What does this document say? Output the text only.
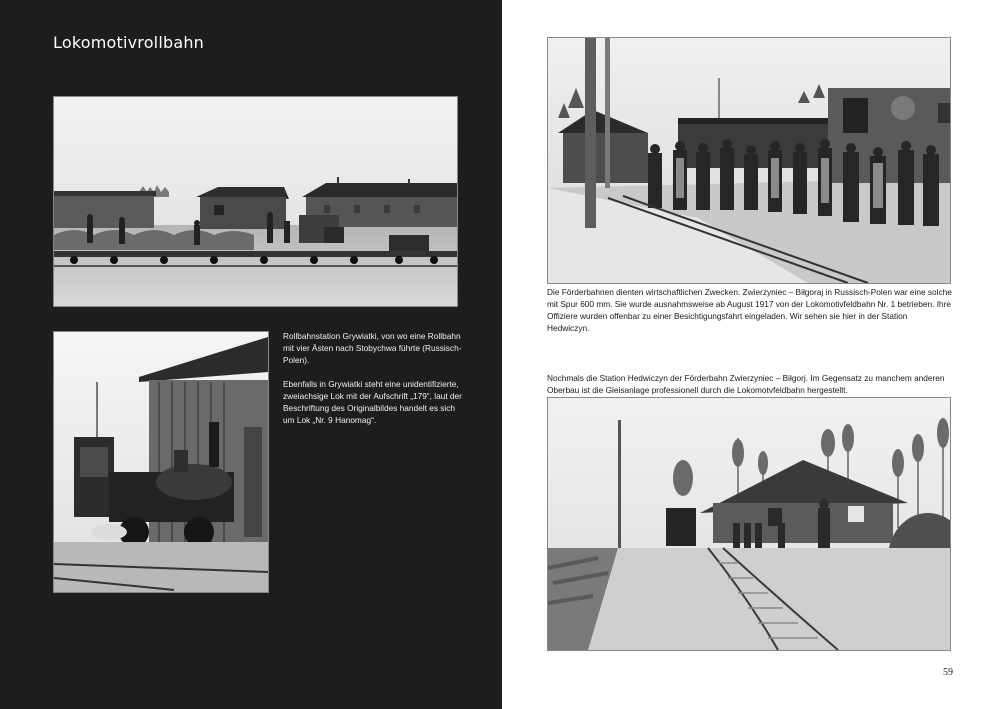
Lokomotivrollbahn

Rollbahnstation Grywiatki, von wo eine Rollbahn mit vier Ästen nach Stobychwa führte (Russisch-Polen).

Ebenfalls in Grywiatki steht eine unidentifizierte, zweiachsige Lok mit der Aufschrift „179“, laut der Beschriftung des Originalbildes handelt es sich um Lok „Nr. 9 Hanomag“.

Die Förderbahnen dienten wirtschaftlichen Zwecken. Zwierzyniec – Biłgoraj in Russisch-Polen war eine solche mit Spur 600 mm. Sie wurde ausnahmsweise ab August 1917 von der Lokomotivfeldbahn Nr. 1 betrieben. Ihre Offiziere wurden offenbar zu einer Besichtigungsfahrt eingeladen. Wir sehen sie hier in der Station Hedwiczyn.
Nochmals die Station Hedwiczyn der Förderbahn Zwierzyniec – Biłgorj. Im Gegensatz zu manchem anderen Oberbau ist die Gleisanlage professionell durch die Lokomotvfeldbahn hergestellt.
59
